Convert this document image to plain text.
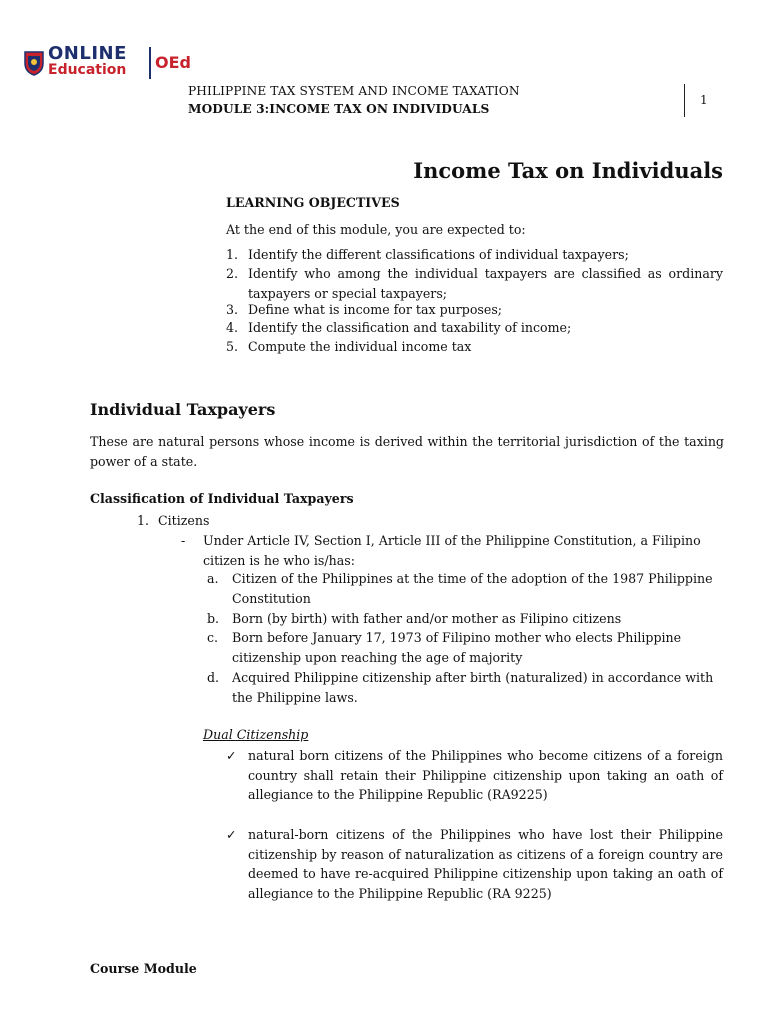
ONLINE
Education OEd
PHILIPPINE TAX SYSTEM AND INCOME TAXATION
MODULE 3:INCOME TAX ON INDIVIDUALS
1
Income Tax on Individuals
LEARNING OBJECTIVES
At the end of this module, you are expected to:
1. Identify the different classifications of individual taxpayers;
2. Identify who among the individual taxpayers are classified as ordinary taxpayers or special taxpayers;
3. Define what is income for tax purposes;
4. Identify the classification and taxability of income;
5. Compute the individual income tax
Individual Taxpayers
These are natural persons whose income is derived within the territorial jurisdiction of the taxing power of a state.
Classification of Individual Taxpayers
1. Citizens
- Under Article IV, Section I, Article III of the Philippine Constitution, a Filipino citizen is he who is/has:
a. Citizen of the Philippines at the time of the adoption of the 1987 Philippine Constitution
b. Born (by birth) with father and/or mother as Filipino citizens
c. Born before January 17, 1973 of Filipino mother who elects Philippine citizenship upon reaching the age of majority
d. Acquired Philippine citizenship after birth (naturalized) in accordance with the Philippine laws.
Dual Citizenship
✓ natural born citizens of the Philippines who become citizens of a foreign country shall retain their Philippine citizenship upon taking an oath of allegiance to the Philippine Republic (RA9225)
✓ natural-born citizens of the Philippines who have lost their Philippine citizenship by reason of naturalization as citizens of a foreign country are deemed to have re-acquired Philippine citizenship upon taking an oath of allegiance to the Philippine Republic (RA 9225)
Course Module
